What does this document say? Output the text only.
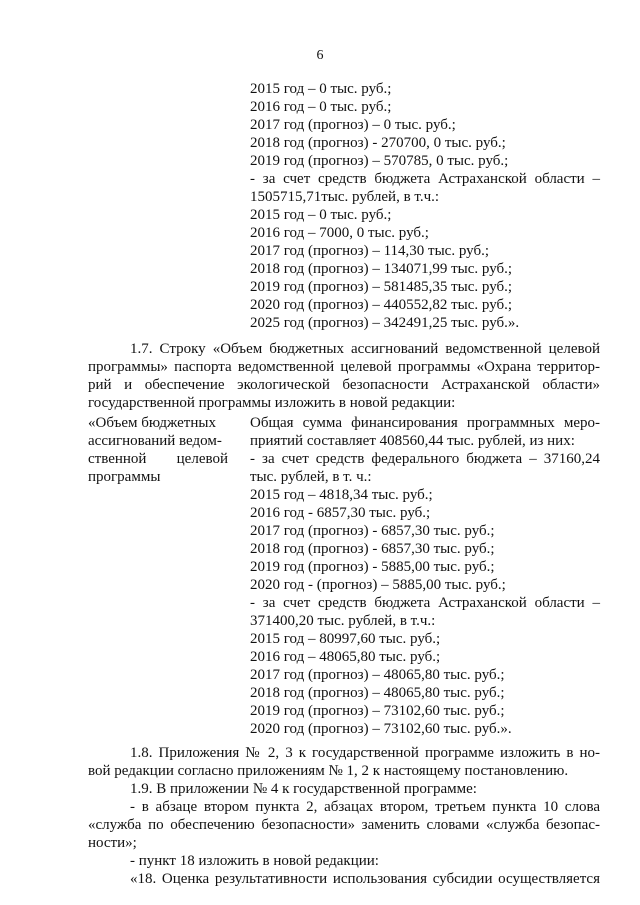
6
2015 год – 0 тыс. руб.;
2016 год – 0 тыс. руб.;
2017 год (прогноз) – 0 тыс. руб.;
2018 год (прогноз) - 270700, 0 тыс. руб.;
2019 год (прогноз) – 570785, 0 тыс. руб.;
- за счет средств бюджета Астраханской области –
1505715,71тыс. рублей, в т.ч.:
2015 год – 0 тыс. руб.;
2016 год – 7000, 0 тыс. руб.;
2017 год (прогноз) – 114,30 тыс. руб.;
2018 год (прогноз) – 134071,99 тыс. руб.;
2019 год (прогноз) – 581485,35 тыс. руб.;
2020 год (прогноз) – 440552,82 тыс. руб.;
2025 год (прогноз) – 342491,25 тыс. руб.».
1.7. Строку «Объем бюджетных ассигнований ведомственной целевой
программы» паспорта ведомственной целевой программы «Охрана территор-
рий и обеспечение экологической безопасности Астраханской области»
государственной программы изложить в новой редакции:
«Объем бюджетных
ассигнований ведом-
ственной целевой
программы
Общая сумма финансирования программных меро-
приятий составляет 408560,44 тыс. рублей, из них:
- за счет средств федерального бюджета – 37160,24
тыс. рублей, в т. ч.:
2015 год – 4818,34 тыс. руб.;
2016 год - 6857,30 тыс. руб.;
2017 год (прогноз) - 6857,30 тыс. руб.;
2018 год (прогноз) - 6857,30 тыс. руб.;
2019 год (прогноз) - 5885,00 тыс. руб.;
2020 год - (прогноз) – 5885,00 тыс. руб.;
- за счет средств бюджета Астраханской области –
371400,20 тыс. рублей, в т.ч.:
2015 год – 80997,60 тыс. руб.;
2016 год – 48065,80 тыс. руб.;
2017 год (прогноз) – 48065,80 тыс. руб.;
2018 год (прогноз) – 48065,80 тыс. руб.;
2019 год (прогноз) – 73102,60 тыс. руб.;
2020 год (прогноз) – 73102,60 тыс. руб.».
1.8. Приложения № 2, 3 к государственной программе изложить в но-
вой редакции согласно приложениям № 1, 2 к настоящему постановлению.
1.9. В приложении № 4 к государственной программе:
- в абзаце втором пункта 2, абзацах втором, третьем пункта 10 слова
«служба по обеспечению безопасности» заменить словами «служба безопас-
ности»;
- пункт 18 изложить в новой редакции:
«18. Оценка результативности использования субсидии осуществляется
